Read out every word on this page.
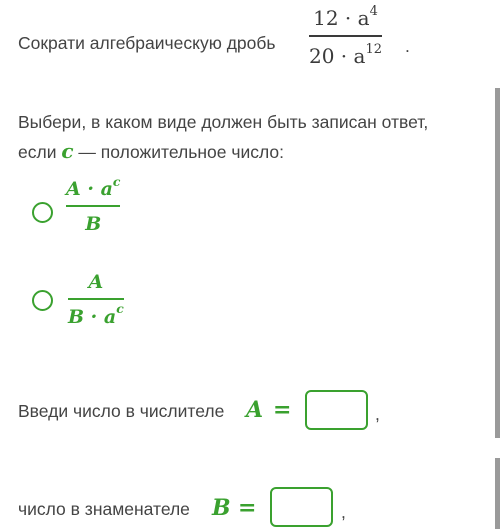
Сократи алгебраическую дробь
$12 \cdot a^4$
$20 \cdot a^{12}$ .
Выбери, в каком виде должен быть записан ответ,
если c — положительное число:
$A \cdot a^c$
B
A
$B \cdot a^c$
Введи число в числителе A =	,
число в знаменателе B =	,
